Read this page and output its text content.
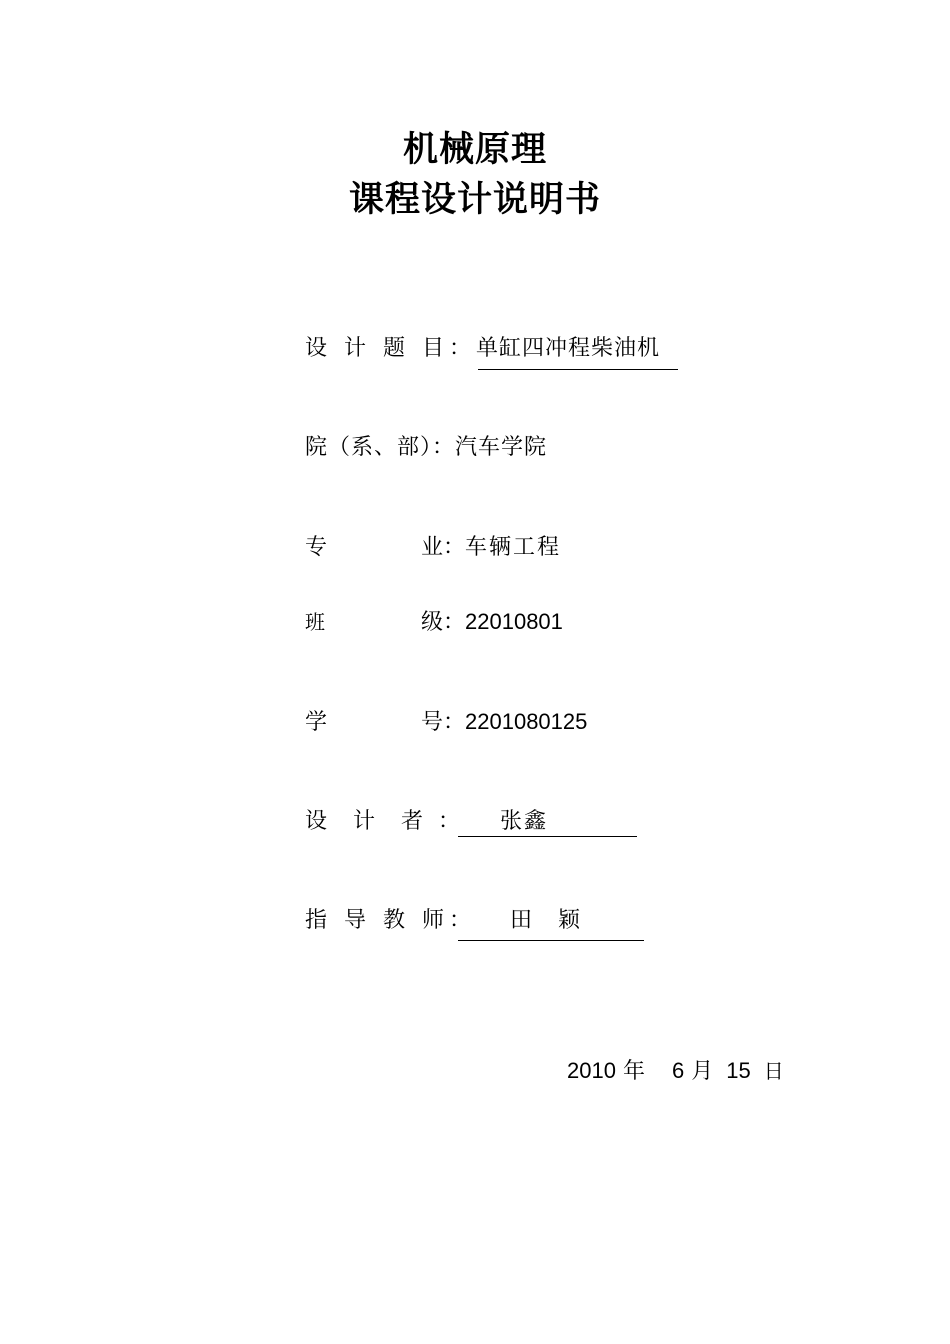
机械原理
课程设计说明书
设 计 题 目： 单缸四冲程柴油机
院（系、部）： 汽车学院
专	业： 车辆工程
班	级： 22010801
学	号： 2201080125
设  计  者 ： 张鑫
指 导 教 师： 田  颖
2010 年 6 月 15 日
